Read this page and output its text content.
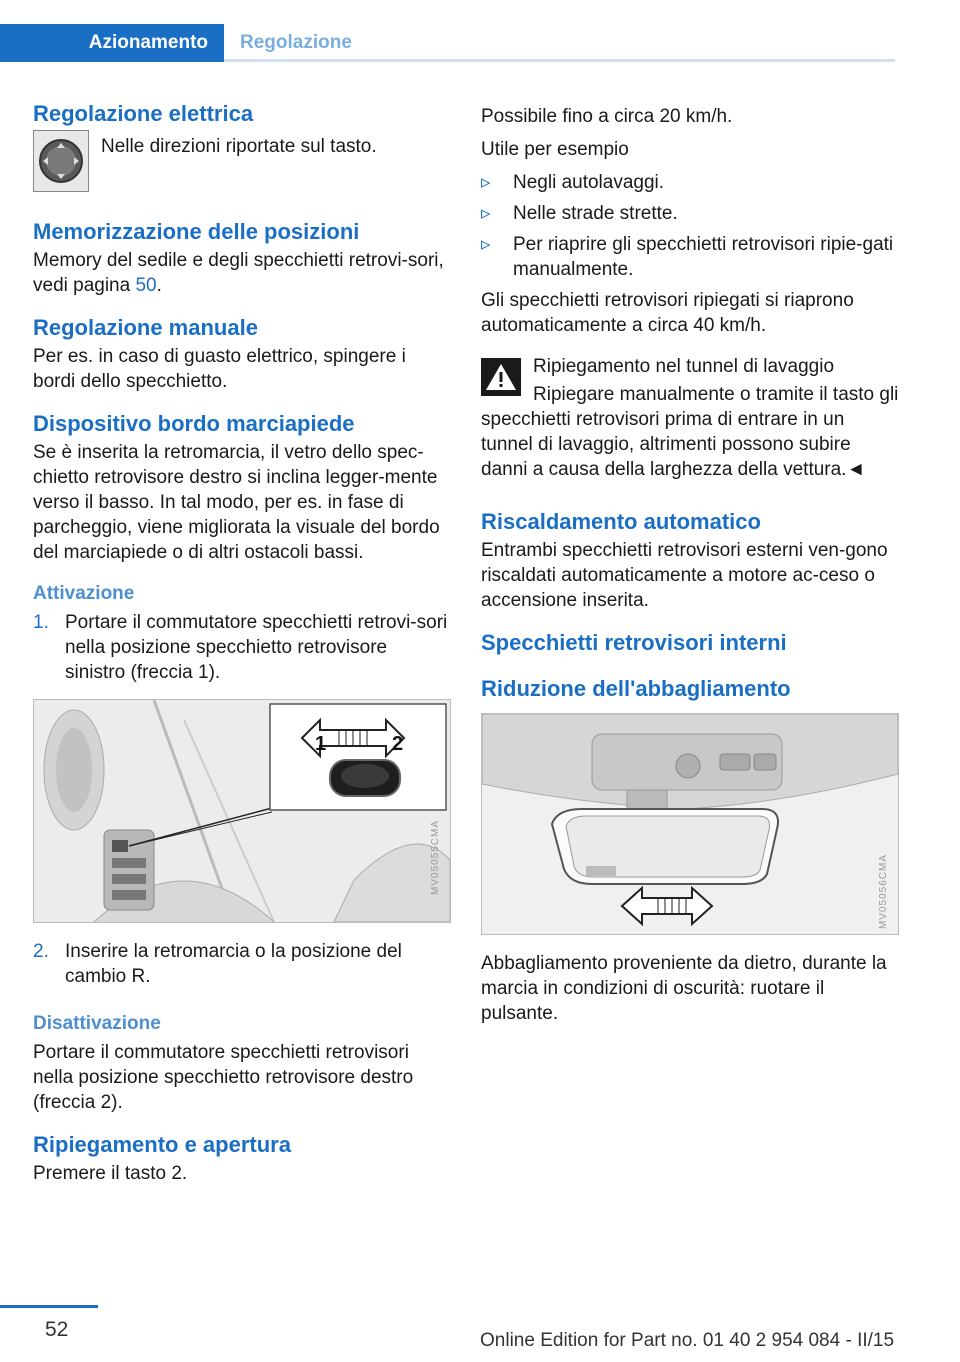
Azionamento	Regolazione
Regolazione elettrica

Nelle direzioni riportate sul tasto.

Memorizzazione delle posizioni

Memory del sedile e degli specchietti retrovi-sori, vedi pagina 50.

Regolazione manuale

Per es. in caso di guasto elettrico, spingere i bordi dello specchietto.

Dispositivo bordo marciapiede

Se è inserita la retromarcia, il vetro dello spec-chietto retrovisore destro si inclina legger-mente verso il basso. In tal modo, per es. in fase di parcheggio, viene migliorata la visuale del bordo del marciapiede o di altri ostacoli bassi.

Attivazione
1. Portare il commutatore specchietti retrovi-sori nella posizione specchietto retrovisore sinistro (freccia 1).
1	2
MV05055CMA
2. Inserire la retromarcia o la posizione del cambio R.
Disattivazione

Portare il commutatore specchietti retrovisori nella posizione specchietto retrovisore destro (freccia 2).

Ripiegamento e apertura

Premere il tasto 2.

Possibile fino a circa 20 km/h.

Utile per esempio

▹	Negli autolavaggi.
▹	Nelle strade strette.
▹	Per riaprire gli specchietti retrovisori ripie-gati manualmente.

Gli specchietti retrovisori ripiegati si riaprono automaticamente a circa 40 km/h.

Ripiegamento nel tunnel di lavaggio

Ripiegare manualmente o tramite il tasto gli specchietti retrovisori prima di entrare in un tunnel di lavaggio, altrimenti possono subire danni a causa della larghezza della vettura.◄

Riscaldamento automatico

Entrambi specchietti retrovisori esterni ven-gono riscaldati automaticamente a motore ac-ceso o accensione inserita.

Specchietti retrovisori interni
Riduzione dell'abbagliamento
MV05056CMA

Abbagliamento proveniente da dietro, durante la marcia in condizioni di oscurità: ruotare il pulsante.

52	Online Edition for Part no. 01 40 2 954 084 - II/15
